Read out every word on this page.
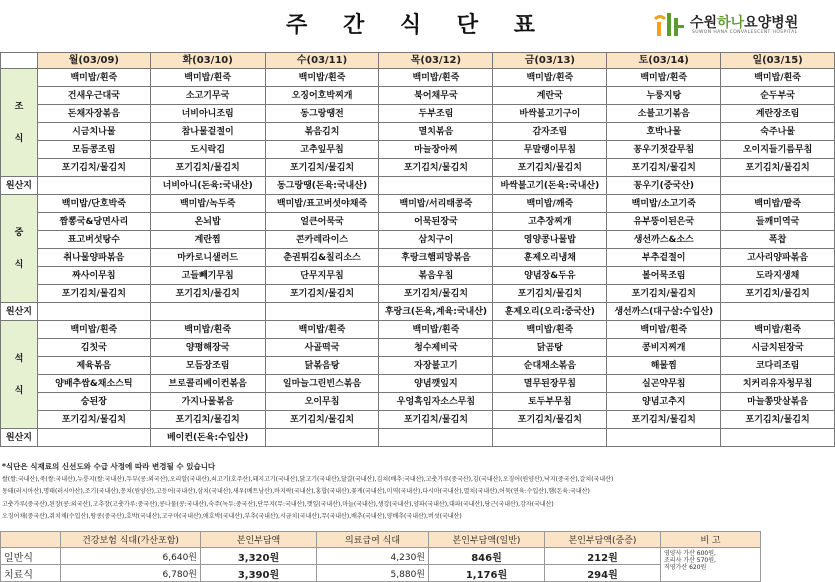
주 간 식 단 표	수원하나요양병원
SUWON HANA CONVALESCENT HOSPITAL
	월(03/09)	화(03/10)	수(03/11)	목(03/12)	금(03/13)	토(03/14)	일(03/15)
조

식	백미밥/흰죽	백미밥/흰죽	백미밥/흰죽	백미밥/흰죽	백미밥/흰죽	백미밥/흰죽	백미밥/흰죽
	건새우근대국	소고기무국	오징어호박찌개	북어채무국	계란국	누룽지탕	순두부국
	돈채자장볶음	너비아니조림	동그랑땡전	두부조림	바싹불고기구이	소불고기볶음	계란장조림
	시금치나물	참나물겉절이	볶음김치	멸치볶음	감자조림	호박나물	숙주나물
	모듬콩조림	도시락김	고추잎무침	마늘장아찌	무말랭이무침	꽁우기젓갈무침	오이지들기름무침
	포기김치/물김치	포기김치/물김치	포기김치/물김치	포기김치/물김치	포기김치/물김치	포기김치/물김치	포기김치/물김치
원산지		너비아니(돈육:국내산)	동그랑땡(돈육:국내산)		바싹불고기(돈육:국내산)	꽁우기(중국산)	
중

식	백미밥/단호박죽	백미밥/녹두죽	백미밥/표고버섯야채죽	백미밥/서리태콩죽	백미밥/깨죽	백미밥/소고기죽	백미밥/팥죽
	짬뽕국&당면사리	온뇌밥	얼큰어묵국	어묵된장국	고추장찌개	유부뚱이된은국	들깨미역국
	표고버섯탕수	계란찜	콘카레라이스	삼치구이	영양콩나물밥	생선까스&소스	폭찹
	취나물양파볶음	마카로니샐러드	춘권튀김&칠리소스	후랑크햄피망볶음	훈제오리냉채	부추겉절이	고사리양파볶음
	짜사이무침	고들빼기무침	단무지무침	볶음우침	양념장&두유	볼어묵조림	도라지생채
	포기김치/물김치	포기김치/물김치	포기김치/물김치	포기김치/물김치	포기김치/물김치	포기김치/물김치	포기김치/물김치
원산지				후랑크(돈육,계육:국내산)	훈제오리(오리:중국산)	생선까스(대구살:수입산)	
석

식	백미밥/흰죽	백미밥/흰죽	백미밥/흰죽	백미밥/흰죽	백미밥/흰죽	백미밥/흰죽	백미밥/흰죽
	김칫국	양평해장국	사골떡국	청수제비국	닭곰탕	콩비지찌개	시금치된장국
	제육볶음	모듬장조림	닭볶음탕	자장불고기	순대채소볶음	해물찜	코다리조림
	양배추쌈&채소스틱	브로콜리베이컨볶음	일마늘그린빈스볶음	양념깻잎지	멸무된장무침	실곤약무침	치커리유자청무침
	숭된장	가지나물볶음	오이무침	우엉흑임자소스무침	토두부무침	양념고추지	마늘쫑맛살볶음
	포기김치/물김치	포기김치/물김치	포기김치/물김치	포기김치/물김치	포기김치/물김치	포기김치/물김치	포기김치/물김치
원산지		베이컨(돈육:수입산)					
*식단은 식재료의 신선도와 수급 사정에 따라 변경될 수 있습니다
쌀(쌀:국내산),죽(쌀:국내산),누룽지(쌀:국내산),두부(콩:외국산),오리알(국내산),쇠고기(호주산),돼지고기(국내산),닭고기(국내산),달걀(국내산),김치(배추:국내산),고춧가루(중국산),김(국내산),오징어(원양산),낙지(중국산),갈치(국내산)
동태(러시아산),명태(러시아산),조기(국내산),꽁치(원양산),고등어(국내산),삼치(국내산),새우(베트남산),바지락(국내산),홍합(국내산),꽃게(국내산),미역(국내산),다시마(국내산),멸치(국내산),어묵(연육:수입산),햄(돈육:국내산)
고춧가루(중국산),된장(콩:외국산),고추장(고춧가루:중국산),콩나물(콩:국내산),숙주(녹두:중국산),단무지(무:국내산),깻잎(국내산),마늘(국내산),생강(국내산),양파(국내산),대파(국내산),당근(국내산),감자(국내산)
오징어채(중국산),쥐치채(수입산),땅콩(중국산),호박(국내산),고구마(국내산),애호박(국내산),부추(국내산),시금치(국내산),무(국내산),배추(국내산),양배추(국내산),버섯(국내산)
	건강보험 식대(가산포함)	본인부담액	의료급여 식대	본인부담액(일반)	본인부담액(중증)	비 고
일반식	6,640원	3,320원	4,230원	846원	212원	영양사 가산 600원,
조리사 가산 570원,
직영가산 620원

치료식	6,780원	3,390원	5,880원	1,176원	294원	
